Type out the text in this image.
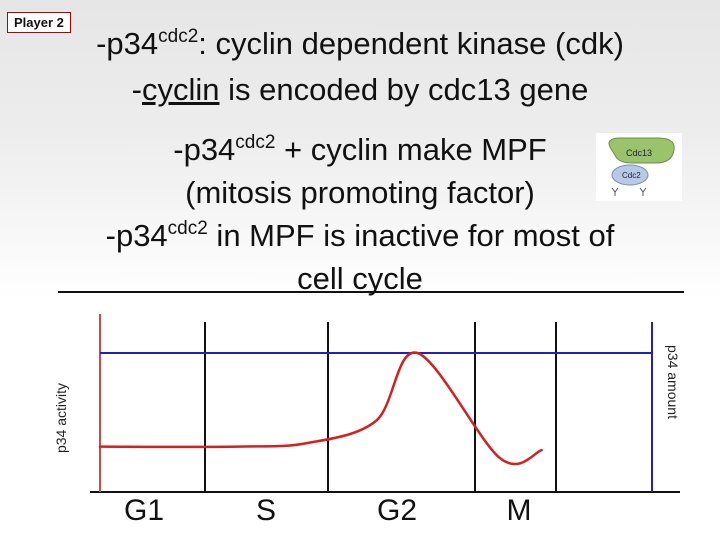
Player 2
$-p34^{cdc2}$: cyclin dependent kinase (cdk)
-cyclin is encoded by cdc13 gene
$-p34^{cdc2}$ + cyclin make MPF
(mitosis promoting factor)
$-p34^{cdc2}$ in MPF is inactive for most of
cell cycle
Cdc13
Cdc2
p34 activity	p34 amount
G1	S	G2	M
